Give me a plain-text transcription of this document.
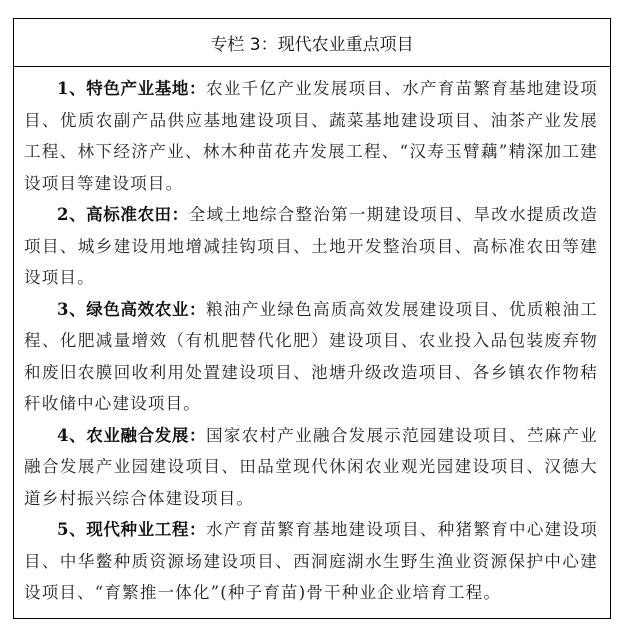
专栏 3：现代农业重点项目

1、特色产业基地：农业千亿产业发展项目、水产育苗繁育基地建设项目、优质农副产品供应基地建设项目、蔬菜基地建设项目、油茶产业发展工程、林下经济产业、林木种苗花卉发展工程、“汉寿玉臂藕”精深加工建设项目等建设项目。

2、高标准农田：全域土地综合整治第一期建设项目、旱改水提质改造项目、城乡建设用地增减挂钩项目、土地开发整治项目、高标准农田等建设项目。

3、绿色高效农业：粮油产业绿色高质高效发展建设项目、优质粮油工程、化肥减量增效（有机肥替代化肥）建设项目、农业投入品包装废弃物和废旧农膜回收利用处置建设项目、池塘升级改造项目、各乡镇农作物秸秆收储中心建设项目。

4、农业融合发展：国家农村产业融合发展示范园建设项目、苎麻产业融合发展产业园建设项目、田品堂现代休闲农业观光园建设项目、汉德大道乡村振兴综合体建设项目。

5、现代种业工程：水产育苗繁育基地建设项目、种猪繁育中心建设项目、中华鳖种质资源场建设项目、西洞庭湖水生野生渔业资源保护中心建设项目、“育繁推一体化”(种子育苗)骨干种业企业培育工程。
